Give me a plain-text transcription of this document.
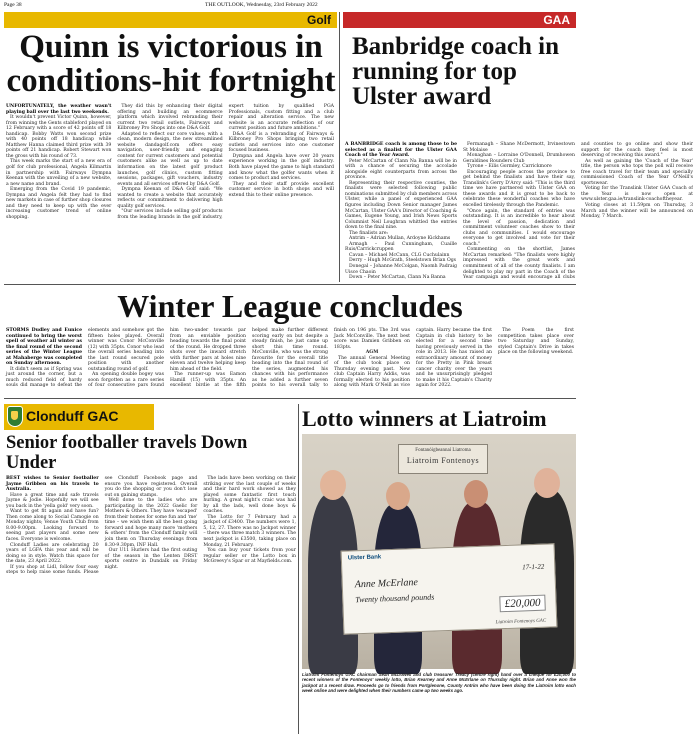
Page 38	THE OUTLOOK, Wednesday, 23rd February 2022
Golf	GAA
Quinn is victorious in conditions-hit fortnight

UNFORTUNATELY, the weather wasn't playing ball over the last two weekends.

It wouldn't prevent Victor Quinn, however, from winning the Gents stableford played on 12 February with a score of 42 points off 18 handicap. Bobby Watts won second prize with 40 points off 18 handicap while Matthew Hanna claimed third prize with 39 points off 21 handicap. Robert Stewart won the gross with his round of 73.

This week marks the start of a new era of golf for club professional, Angela Kilmartin in partnership with Fairways Dympna Keenan with the unveiling of a new website, a new name and brand.

Emerging from the Covid 19 pandemic, Dympna and Angela felt they had to find new markets in case of further shop closures and they need to keep up with the ever increasing customer trend of online shopping.

They did this by enhancing their digital offering and building an ecommerce platform which involved rebranding their current two retail outlets, Fairways and Kilbroney Pro Shops into one D&A Golf.

Adapted to reflect our core values; with a clean, modern design, the new streamlined website dandagolf.com offers easy navigation, user-friendly and engaging content for current customers and potential customers alike as well as up to date information on the latest golf product launches, golf clinics, custom fitting sessions, packages, gift vouchers, industry events and all services offered by D&A Golf.

Dympna Keenan of D&A Golf said: "We wanted to create a website that accurately reflects our commitment to delivering high quality golf services.

"Our services include selling golf products from the leading brands in the golf industry, expert tuition by qualified PGA Professionals, custom fitting and a club repair and alteration service. The new website is an accurate reflection of our current position and future ambitions."

D&A Golf is a rebranding of Fairways & Kilbroney Pro Shops bringing two retail outlets and services into one customer focused business.

Dympna and Angela have over 20 years experience working in the golf industry. Both have played the game to high standard and know what the golfer wants when it comes to product and services.

They and their staff provide excellent customer service in both shops and will extend this to their online presence.

Banbridge coach in running for top Ulster award

A BANBRIDGE coach is among those to be selected as a finalist for the Ulster GAA Coach of the Year Award.

Peter McCartan of Clann Na Banna will be in with a chance of securing the accolade alongside eight counterparts from across the province.

Representing their respective counties, the finalists were selected following public nominations submitted by club members across Ulster, while a panel of experienced GAA figures including Down Senior manager James McCartan, Ulster GAA's Director of Coaching & Games, Eugene Young, and Irish News Sports Columnist Neil Loughran whittled the entries down to the final nine.

The finalists are:

Antrim – Adrian Mullan, Ardoyne Kickhams

Armagh – Paul Cunningham, Cuaille Ruis/Carrickcruppen

Cavan – Michael McCann, CLG Cuchulainn

Derry – Hugh McGrath, Steelstown Brian Ogs

Donegal – Johanne McColgan, Naomh Padraig Uisce Chaoin

Down – Peter McCartan, Clann Na Banna

Fermanagh – Shane McDermott, Irvinestown St Molaise

Monaghan – Lorraine O'Donnell, Drumhowen Geraldines Rounders Club

Tyrone – Eilis Gormley, Carrickmore

Encouraging people across the province to get behind the finalists and have their say, Translink's Gerry D'Arcy said: "This is the third time we have partnered with Ulster GAA on these awards and it is great to be back to celebrate these wonderful coaches who have excelled tirelessly through the Pandemic.

"Once again, the standard of entries was outstanding. It is an incredible to hear about the level of passion, dedication and commitment volunteer coaches show to their clubs and communities. I would encourage everyone to get involved and vote for their coach."

Commenting on the shortlist, James McCartan remarked: "The finalists were highly impressed with the great work and commitment of all of the county finalists. I am delighted to play my part in the Coach of the Year campaign and would encourage all clubs and counties to go online and show their support for the coach they feel is most deserving of receiving this award."

As well as gaining the 'Coach of the Year' title, the person who tops the poll will receive free coach travel for their team and specially commissioned Coach of the Year O'Neill's sportswear.

Voting for the Translink Ulster GAA Coach of the Year is now open at www.ulster.gaa.ie/translink-coachoftheyear.

Voting closes at 11.59pm on Thursday, 3 March and the winner will be announced on Monday, 7 March.

Winter League concludes

STORMS Dudley and Eunice continued to bring the worst spell of weather all winter as the final round of the second series of the Winter League at Mahaberge was completed on Sunday afternoon.

It didn't seem as if Spring was just around the corner, but a much reduced field of hardy souls did manage to defeat the elements and somehow got the fifteen holes played. Overall winner was Conor McConville (12) with 35pts. Conor who lead the overall series heading into the last round secured pole position with another outstanding round of golf.

An opening double bogey was soon forgotten as a rare series of four consecutive pars found him two-under towards par from an enviable position heading towards the final point of the round. He dropped three shots over the inward stretch with further pars at holes nine eleven and twelve helping keep him ahead of the field.

The runner-up was Eamon Hamill (15) with 35pts. An excellent birdie at the fifth helped make further different scoring early on but despite a steady finish, he just came up short this time round. McConville, who was the strong favourite for the overall title heading into the final round of the series, augmented his chances with his performance as he added a further seven points to his overall tally to finish on 196 pts. The 3rd was Jack McConville. The next best score was Damien Gribben on 183pts.

AGM

The annual General Meeting of the club took place on Thursday evening past. New club Captain Harry Addis, was formally elected to his position along with Mark O'Neill as vice captain. Harry became the first Captain in club history to be elected for a second time having previously served in the role in 2013. He has raised an extraordinary amount of money for the Pretty in Pink breast cancer charity over the years and he unsurprisingly pledged to make it his Captain's Charity again for 2022.

The Poem the first competition takes place over two Saturday and Sunday, styled Captain's Drive in takes place on the following weekend.

Clonduff GAC
Senior footballer travels Down Under

BEST wishes to Senior footballer Jayme Gribben on his travels to Australia.

Have a great time and safe travels Jayme & Jodie. Hopefully we will see you back in the 'yella gold' very soon.

Want to get fit again and have fun? Then come along to Social Camogie on Monday nights; Venue Youth Club from 8.00-9.00pm. Looking forward to seeing past players and some new faces. Everyone is welcome.

Clonduff Ladies are celebrating 20 years of LGFA this year and will be doing so in style. Watch this space for the date, 23 April 2022.

If you shop at Lidl, follow four easy steps to help raise some funds. Please see Clonduff Facebook page and ensure you have registered. Overall you do the shopping or you don't lose out on gaining stamps.

Well done to the ladies who are participating in the 2022 Gaelic for Mothers & Others. They have 'escaped' from their homes for some fun and 'me' time – we wish them all the best going forward and hope many more 'mothers & others' from the Clonduff family will join them on Thursday evenings from 8.30-9.30pm, INF Hall.

Our U11 Hurlers had the first outing of the season in the Lenten DRST sports centre in Dundalk on Friday night.

The lads have been working on their striking over the last couple of weeks and their hard work showed as they played some fantastic first touch hurling. A great night's craic was had by all the lads, well done boys & coaches.

The Lotto for 7 February had a jackpot of £3400. The numbers were 1, 5, 12, 27. There was no Jackpot winner – there was three match 3 winners. The next jackpot is £3500, taking place on Monday, 21 February.

You can buy your tickets from your regular seller or the Lotto box in McGreevy's Spar or at Mayfields.com.

Lotto winners at Liatroim
Fontanóigbeannaí Liatroma
Liatroim Fontenoys
Ulster Bank
17-1-22
Anne McErlane
Twenty thousand pounds	£20,000
Liatroim Fontenoys GAC
Liatroim Fontenoys GAC chairman Sean McDowell and club treasurer Treacy (centre right) hand over a cheque for £20,000 to recent winners of the Fontenoys' weekly lotto, Brian Kearney and Anne McErlane on Thursday night. Brian and Anne won the jackpot at a recent draw. Proceeds go to friends from Portglenone, County Antrim who have been doing the Liatroim lotto each week online and were delighted when their numbers came up two weeks ago.
